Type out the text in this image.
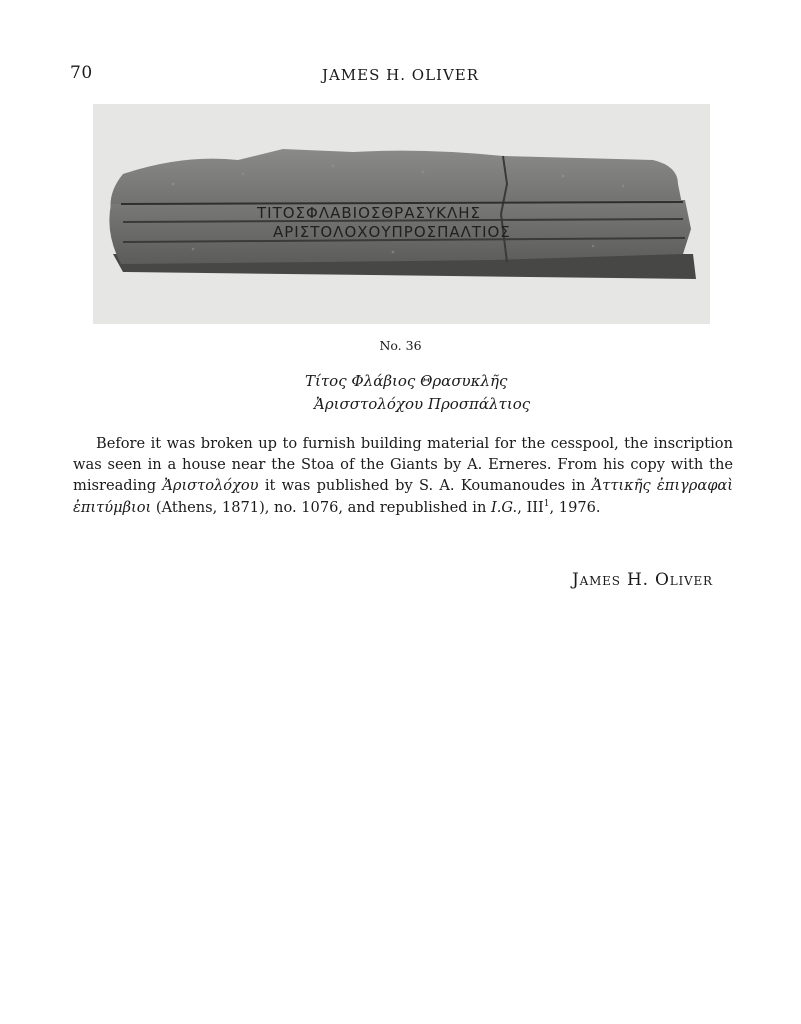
70	JAMES H. OLIVER
ΤΙΤΟΣΦΛΑΒΙΟΣΘΡΑΣΥΚΛΗΣ
ΑΡΙΣΤΟΛΟΧΟΥΠΡΟΣΠΑΛΤΙΟΣ
No. 36
Τίτος Φλάβιος Θρασυκλῆς
Ἀρισστολόχου Προσπάλτιος
Before it was broken up to furnish building material for the cesspool, the inscription was seen in a house near the Stoa of the Giants by A. Erneres. From his copy with the misreading Ἀριστολόχου it was published by S. A. Koumanoudes in Ἀττικῆς ἐπιγραφαὶ ἐπιτύμβιοι (Athens, 1871), no. 1076, and republished in I.G., III$^1$, 1976.
James H. Oliver
